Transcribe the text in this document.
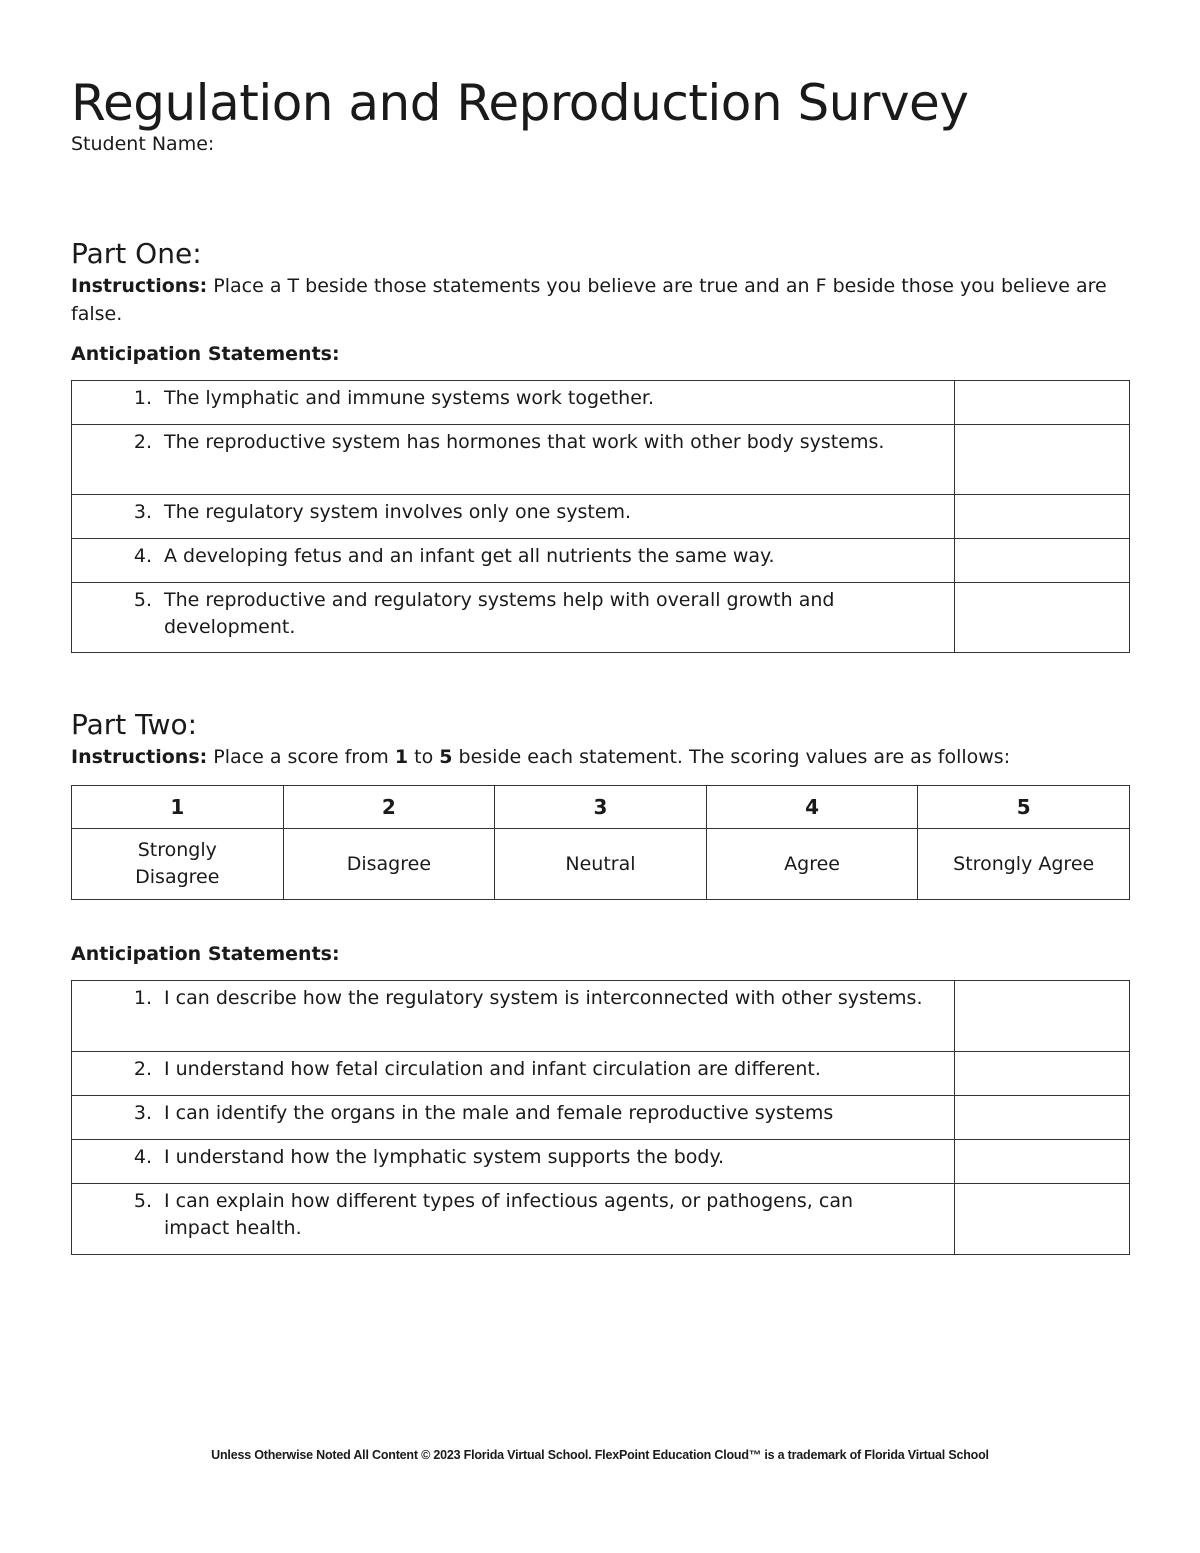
Regulation and Reproduction Survey
Student Name:
Part One:

Instructions: Place a T beside those statements you believe are true and an F beside those you believe are false.

Anticipation Statements:
1. The lymphatic and immune systems work together.	

2. The reproductive system has hormones that work with other body systems.	

3. The regulatory system involves only one system.	

4. A developing fetus and an infant get all nutrients the same way.	

5. The reproductive and regulatory systems help with overall growth and development.	

Part Two:

Instructions: Place a score from 1 to 5 beside each statement. The scoring values are as follows:

1	2	3	4	5
Strongly Disagree	Disagree	Neutral	Agree	Strongly Agree
Anticipation Statements:
1. I can describe how the regulatory system is interconnected with other systems.	

2. I understand how fetal circulation and infant circulation are different.	

3. I can identify the organs in the male and female reproductive systems	

4. I understand how the lymphatic system supports the body.	

5. I can explain how different types of infectious agents, or pathogens, can impact health.	

Unless Otherwise Noted All Content © 2023 Florida Virtual School. FlexPoint Education Cloud™ is a trademark of Florida Virtual School
